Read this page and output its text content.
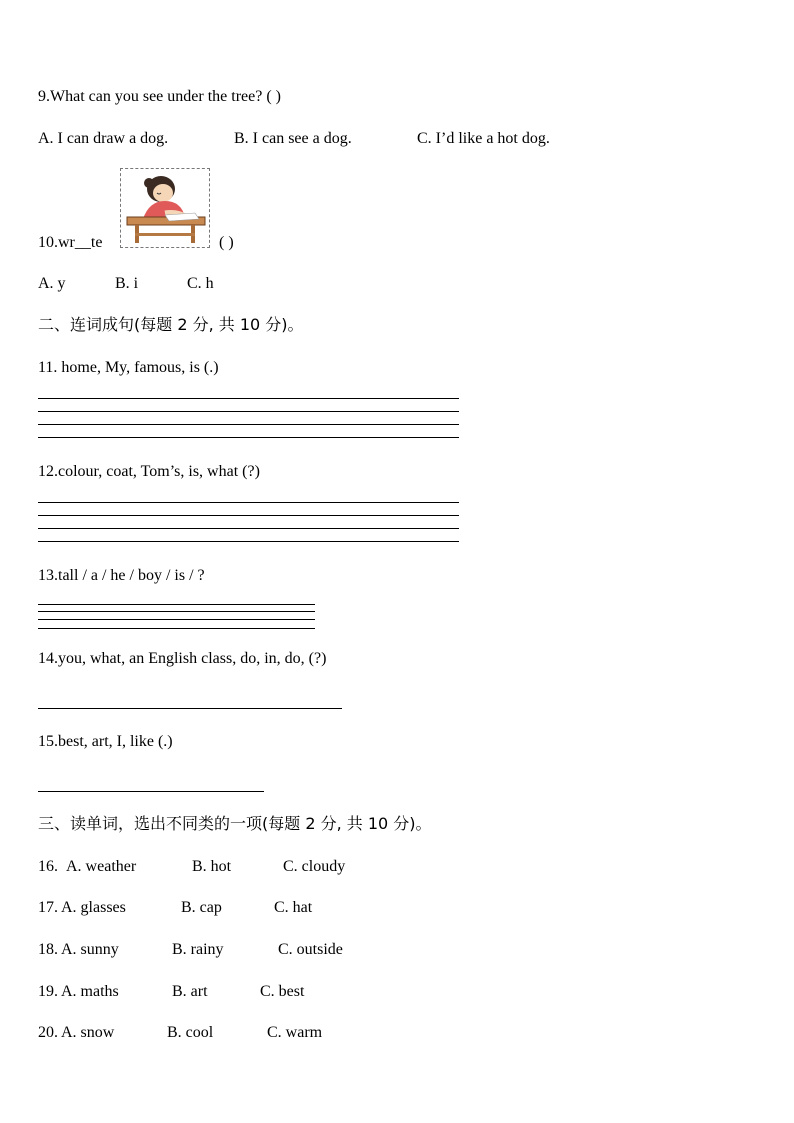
9.What can you see under the tree? ( )
A. I can draw a dog.	B. I can see a dog.	C. I’d like a hot dog.
10.wr__te	( )
A. y	B. i	C. h
二、连词成句(每题 2 分, 共 10 分)。
11. home, My, famous, is (.)
12.colour, coat, Tom’s, is, what (?)
13.tall / a / he / boy / is / ?
14.you, what, an English class, do, in, do, (?)
15.best, art, I, like (.)
三、读单词，选出不同类的一项(每题 2 分, 共 10 分)。
16. A. weather	B. hot	C. cloudy
17. A. glasses	B. cap	C. hat
18. A. sunny	B. rainy	C. outside
19. A. maths	B. art	C. best
20. A. snow	B. cool	C. warm
